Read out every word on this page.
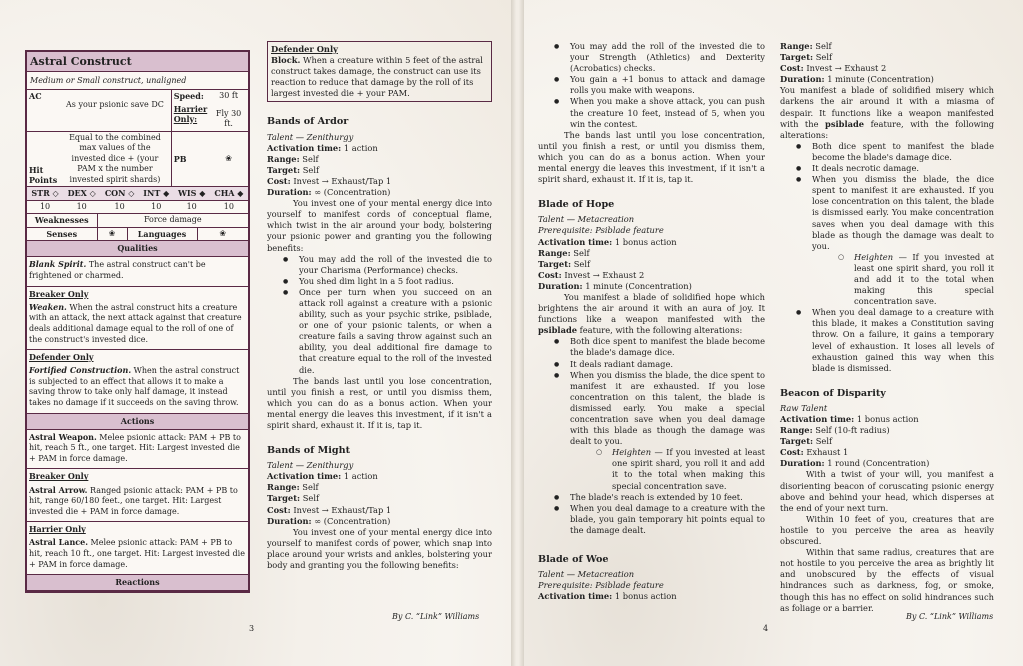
Astral Construct
Medium or Small construct, unaligned
AC	As your psionic save DC	Speed:	30 ft
		Harrier Only:	Fly 30 ft.
Hit Points	Equal to the combined max values of the invested dice + (your PAM x the number invested spirit shards)	PB	❀
STR ◇	DEX ◇	CON ◇	INT ◆	WIS ◆	CHA ◆
10	10	10	10	10	10
Weaknesses	Force damage
Senses	❀	Languages	❀
Qualities
Blank Spirit. The astral construct can't be frightened or charmed.
Breaker Only
Weaken. When the astral construct hits a creature with an attack, the next attack against that creature deals additional damage equal to the roll of one of the construct's invested dice.
Defender Only
Fortified Construction. When the astral construct is subjected to an effect that allows it to make a saving throw to take only half damage, it instead takes no damage if it succeeds on the saving throw.
Actions
Astral Weapon. Melee psionic attack: PAM + PB to hit, reach 5 ft., one target. Hit: Largest invested die + PAM in force damage.
Breaker Only
Astral Arrow. Ranged psionic attack: PAM + PB to hit, range 60/180 feet., one target. Hit: Largest invested die + PAM in force damage.
Harrier Only
Astral Lance. Melee psionic attack: PAM + PB to hit, reach 10 ft., one target. Hit: Largest invested die + PAM in force damage.
Reactions
Defender Only
Block. When a creature within 5 feet of the astral construct takes damage, the construct can use its reaction to reduce that damage by the roll of its largest invested die + your PAM.
Bands of Ardor
Talent — Zenithurgy
Activation time: 1 action
Range: Self
Target: Self
Cost: Invest → Exhaust/Tap 1
Duration: ∞ (Concentration)

You invest one of your mental energy dice into yourself to manifest cords of conceptual flame, which twist in the air around your body, bolstering your psionic power and granting you the following benefits:

● You may add the roll of the invested die to your Charisma (Performance) checks.
● You shed dim light in a 5 foot radius.
● Once per turn when you succeed on an attack roll against a creature with a psionic ability, such as your psychic strike, psiblade, or one of your psionic talents, or when a creature fails a saving throw against such an ability, you deal additional fire damage to that creature equal to the roll of the invested die.

The bands last until you lose concentration, until you finish a rest, or until you dismiss them, which you can do as a bonus action. When your mental energy die leaves this investment, if it isn't a spirit shard, exhaust it. If it is, tap it.

Bands of Might
Talent — Zenithurgy
Activation time: 1 action
Range: Self
Target: Self
Cost: Invest → Exhaust/Tap 1
Duration: ∞ (Concentration)

You invest one of your mental energy dice into yourself to manifest cords of power, which snap into place around your wrists and ankles, bolstering your body and granting you the following benefits:

By C. “Link” Williams
3
● You may add the roll of the invested die to your Strength (Athletics) and Dexterity (Acrobatics) checks.
● You gain a +1 bonus to attack and damage rolls you make with weapons.
● When you make a shove attack, you can push the creature 10 feet, instead of 5, when you win the contest.

The bands last until you lose concentration, until you finish a rest, or until you dismiss them, which you can do as a bonus action. When your mental energy die leaves this investment, if it isn't a spirit shard, exhaust it. If it is, tap it.

Blade of Hope
Talent — Metacreation
Prerequisite: Psiblade feature
Activation time: 1 bonus action
Range: Self
Target: Self
Cost: Invest → Exhaust 2
Duration: 1 minute (Concentration)

You manifest a blade of solidified hope which brightens the air around it with an aura of joy. It functions like a weapon manifested with the psiblade feature, with the following alterations:

● Both dice spent to manifest the blade become the blade's damage dice.
● It deals radiant damage.
● When you dismiss the blade, the dice spent to manifest it are exhausted. If you lose concentration on this talent, the blade is dismissed early. You make a special concentration save when you deal damage with this blade as though the damage was dealt to you.
○ Heighten — If you invested at least one spirit shard, you roll it and add it to the total when making this special concentration save.
● The blade's reach is extended by 10 feet.
● When you deal damage to a creature with the blade, you gain temporary hit points equal to the damage dealt.
Blade of Woe
Talent — Metacreation
Prerequisite: Psiblade feature
Activation time: 1 bonus action
Range: Self
Target: Self
Cost: Invest → Exhaust 2
Duration: 1 minute (Concentration)

You manifest a blade of solidified misery which darkens the air around it with a miasma of despair. It functions like a weapon manifested with the psiblade feature, with the following alterations:

● Both dice spent to manifest the blade become the blade's damage dice.
● It deals necrotic damage.
● When you dismiss the blade, the dice spent to manifest it are exhausted. If you lose concentration on this talent, the blade is dismissed early. You make concentration saves when you deal damage with this blade as though the damage was dealt to you.
○ Heighten — If you invested at least one spirit shard, you roll it and add it to the total when making this special concentration save.
● When you deal damage to a creature with this blade, it makes a Constitution saving throw. On a failure, it gains a temporary level of exhaustion. It loses all levels of exhaustion gained this way when this blade is dismissed.
Beacon of Disparity
Raw Talent
Activation time: 1 bonus action
Range: Self (10-ft radius)
Target: Self
Cost: Exhaust 1
Duration: 1 round (Concentration)

With a twist of your will, you manifest a disorienting beacon of coruscating psionic energy above and behind your head, which disperses at the end of your next turn.

Within 10 feet of you, creatures that are hostile to you perceive the area as heavily obscured.

Within that same radius, creatures that are not hostile to you perceive the area as brightly lit and unobscured by the effects of visual hindrances such as darkness, fog, or smoke, though this has no effect on solid hindrances such as foliage or a barrier.

By C. “Link” Williams
4
